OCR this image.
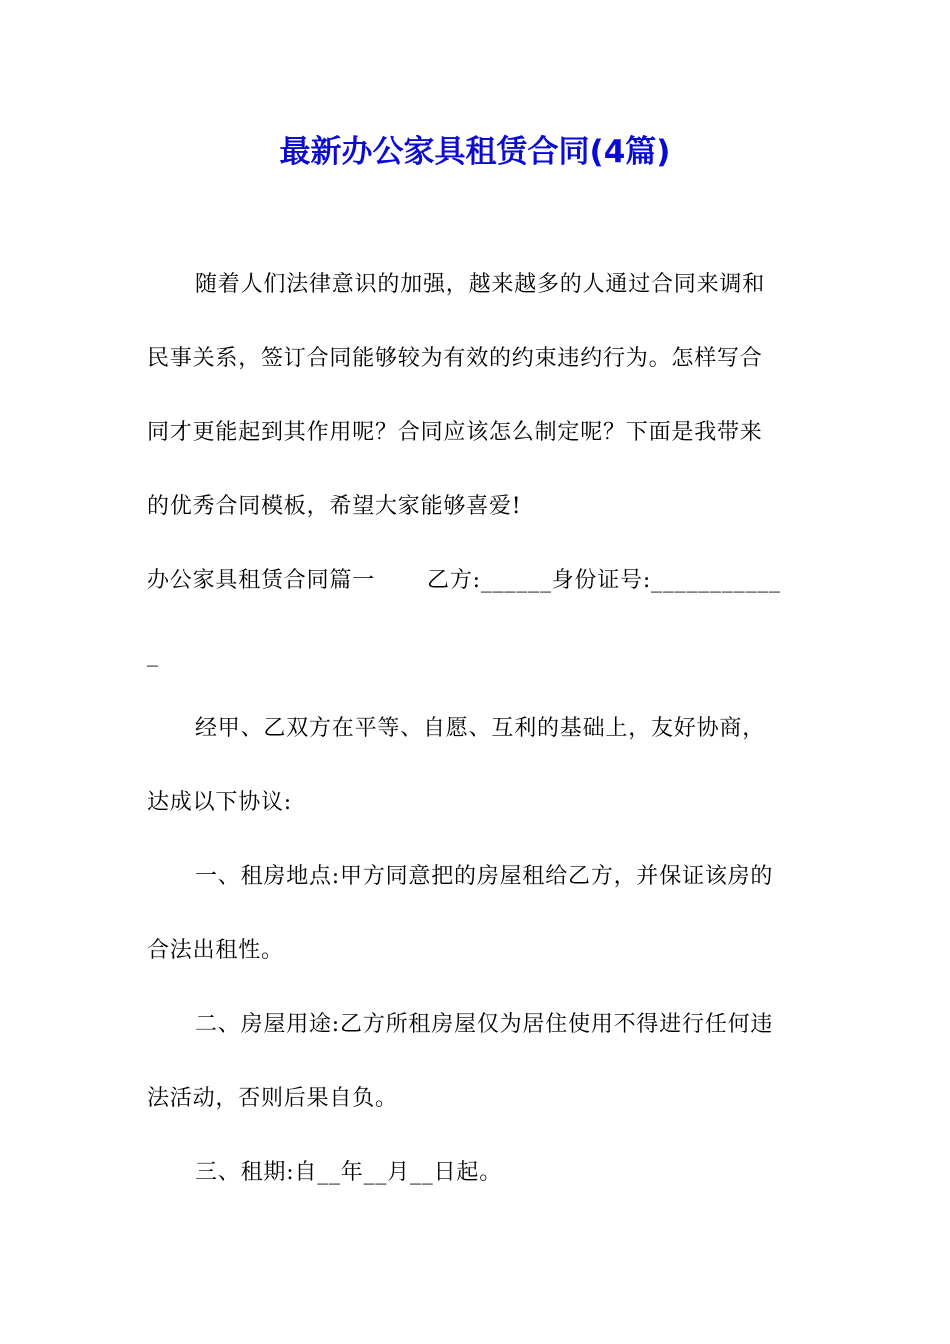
最新办公家具租赁合同(4篇)
随着人们法律意识的加强，越来越多的人通过合同来调和
民事关系，签订合同能够较为有效的约束违约行为。怎样写合
同才更能起到其作用呢？合同应该怎么制定呢？下面是我带来
的优秀合同模板，希望大家能够喜爱!
办公家具租赁合同篇一 乙方:______身份证号:___________
_
经甲、乙双方在平等、自愿、互利的基础上，友好协商，
达成以下协议:
一、租房地点:甲方同意把的房屋租给乙方，并保证该房的
合法出租性。
二、房屋用途:乙方所租房屋仅为居住使用不得进行任何违
法活动，否则后果自负。
三、租期:自__年__月__日起。
